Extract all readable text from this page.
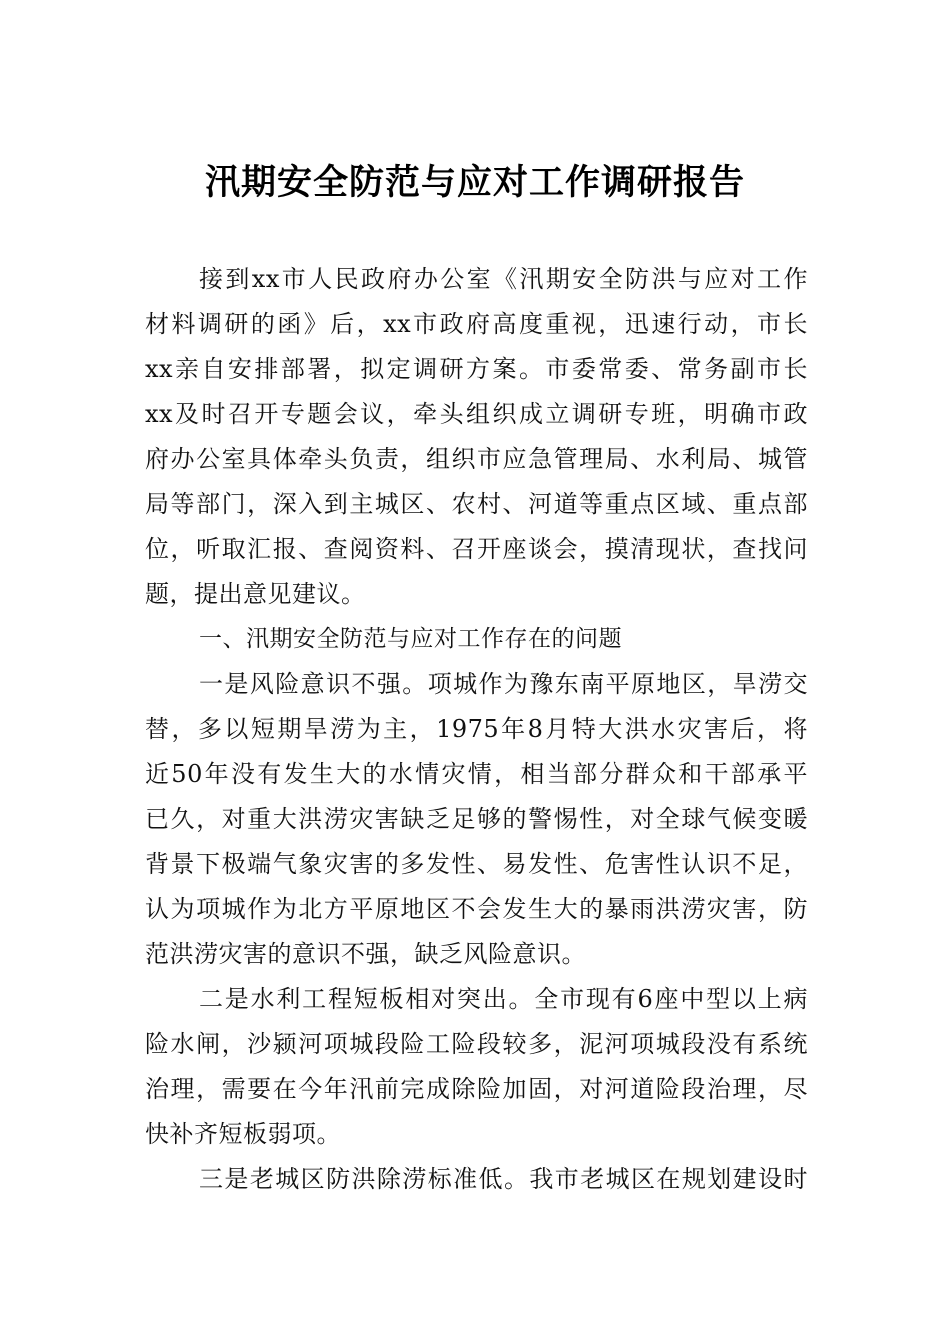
汛期安全防范与应对工作调研报告
接到xx市人民政府办公室《汛期安全防洪与应对工作
材料调研的函》后，xx市政府高度重视，迅速行动，市长
xx亲自安排部署，拟定调研方案。市委常委、常务副市长
xx及时召开专题会议，牵头组织成立调研专班，明确市政
府办公室具体牵头负责，组织市应急管理局、水利局、城管
局等部门，深入到主城区、农村、河道等重点区域、重点部
位，听取汇报、查阅资料、召开座谈会，摸清现状，查找问
题，提出意见建议。
一、汛期安全防范与应对工作存在的问题
一是风险意识不强。项城作为豫东南平原地区，旱涝交
替，多以短期旱涝为主，1975年8月特大洪水灾害后，将
近50年没有发生大的水情灾情，相当部分群众和干部承平
已久，对重大洪涝灾害缺乏足够的警惕性，对全球气候变暖
背景下极端气象灾害的多发性、易发性、危害性认识不足，
认为项城作为北方平原地区不会发生大的暴雨洪涝灾害，防
范洪涝灾害的意识不强，缺乏风险意识。
二是水利工程短板相对突出。全市现有6座中型以上病
险水闸，沙颍河项城段险工险段较多，泥河项城段没有系统
治理，需要在今年汛前完成除险加固，对河道险段治理，尽
快补齐短板弱项。
三是老城区防洪除涝标准低。我市老城区在规划建设时
